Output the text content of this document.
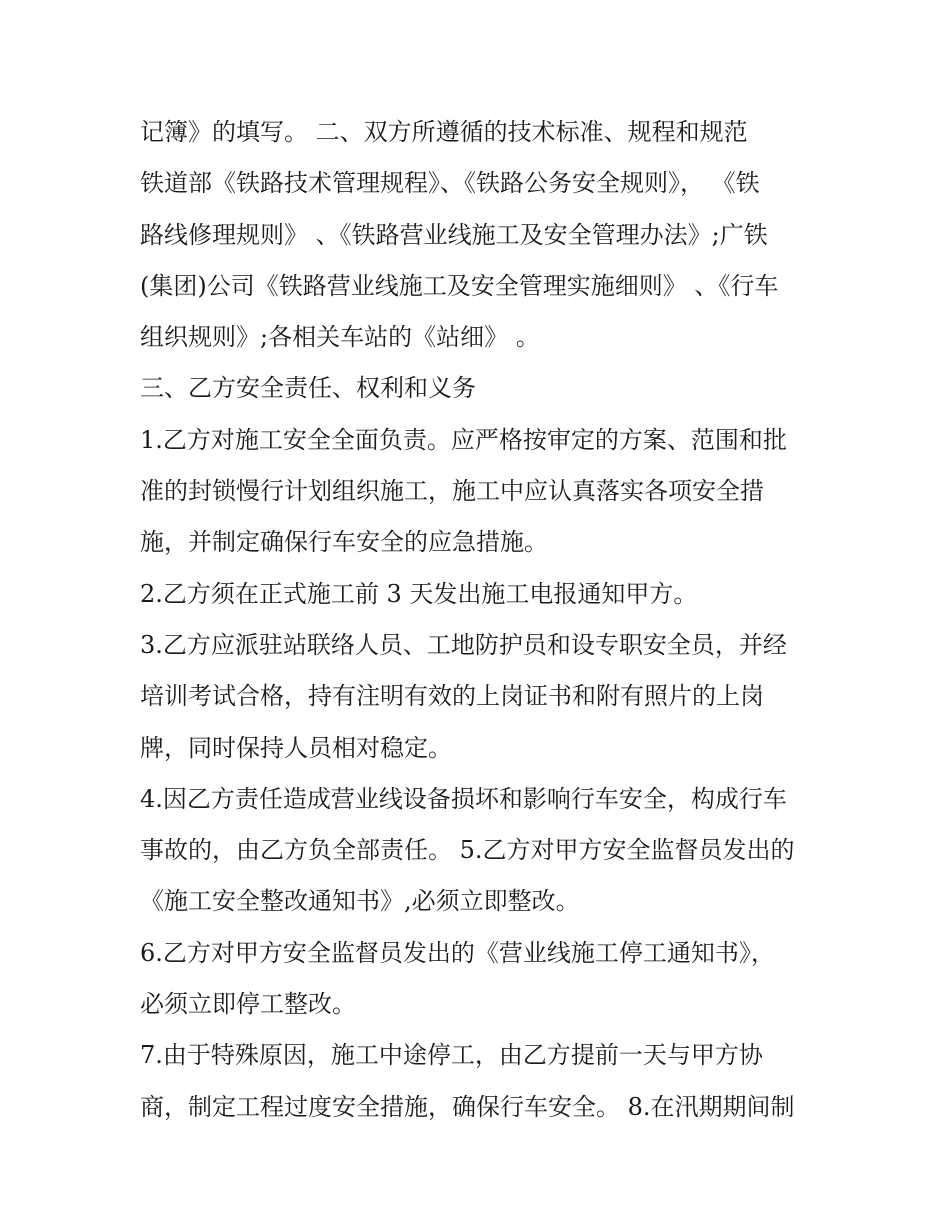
记簿》的填写。 二、双方所遵循的技术标准、规程和规范
铁道部《铁路技术管理规程》、《铁路公务安全规则》， 《铁
路线修理规则》 、《铁路营业线施工及安全管理办法》;广铁
(集团)公司《铁路营业线施工及安全管理实施细则》 、《行车
组织规则》;各相关车站的《站细》 。
三、乙方安全责任、权利和义务
1.乙方对施工安全全面负责。应严格按审定的方案、范围和批
准的封锁慢行计划组织施工，施工中应认真落实各项安全措
施，并制定确保行车安全的应急措施。
2.乙方须在正式施工前 3 天发出施工电报通知甲方。
3.乙方应派驻站联络人员、工地防护员和设专职安全员，并经
培训考试合格，持有注明有效的上岗证书和附有照片的上岗
牌，同时保持人员相对稳定。
4.因乙方责任造成营业线设备损坏和影响行车安全，构成行车
事故的，由乙方负全部责任。 5.乙方对甲方安全监督员发出的
《施工安全整改通知书》,必须立即整改。
6.乙方对甲方安全监督员发出的《营业线施工停工通知书》，
必须立即停工整改。
7.由于特殊原因，施工中途停工，由乙方提前一天与甲方协
商，制定工程过度安全措施，确保行车安全。 8.在汛期期间制
